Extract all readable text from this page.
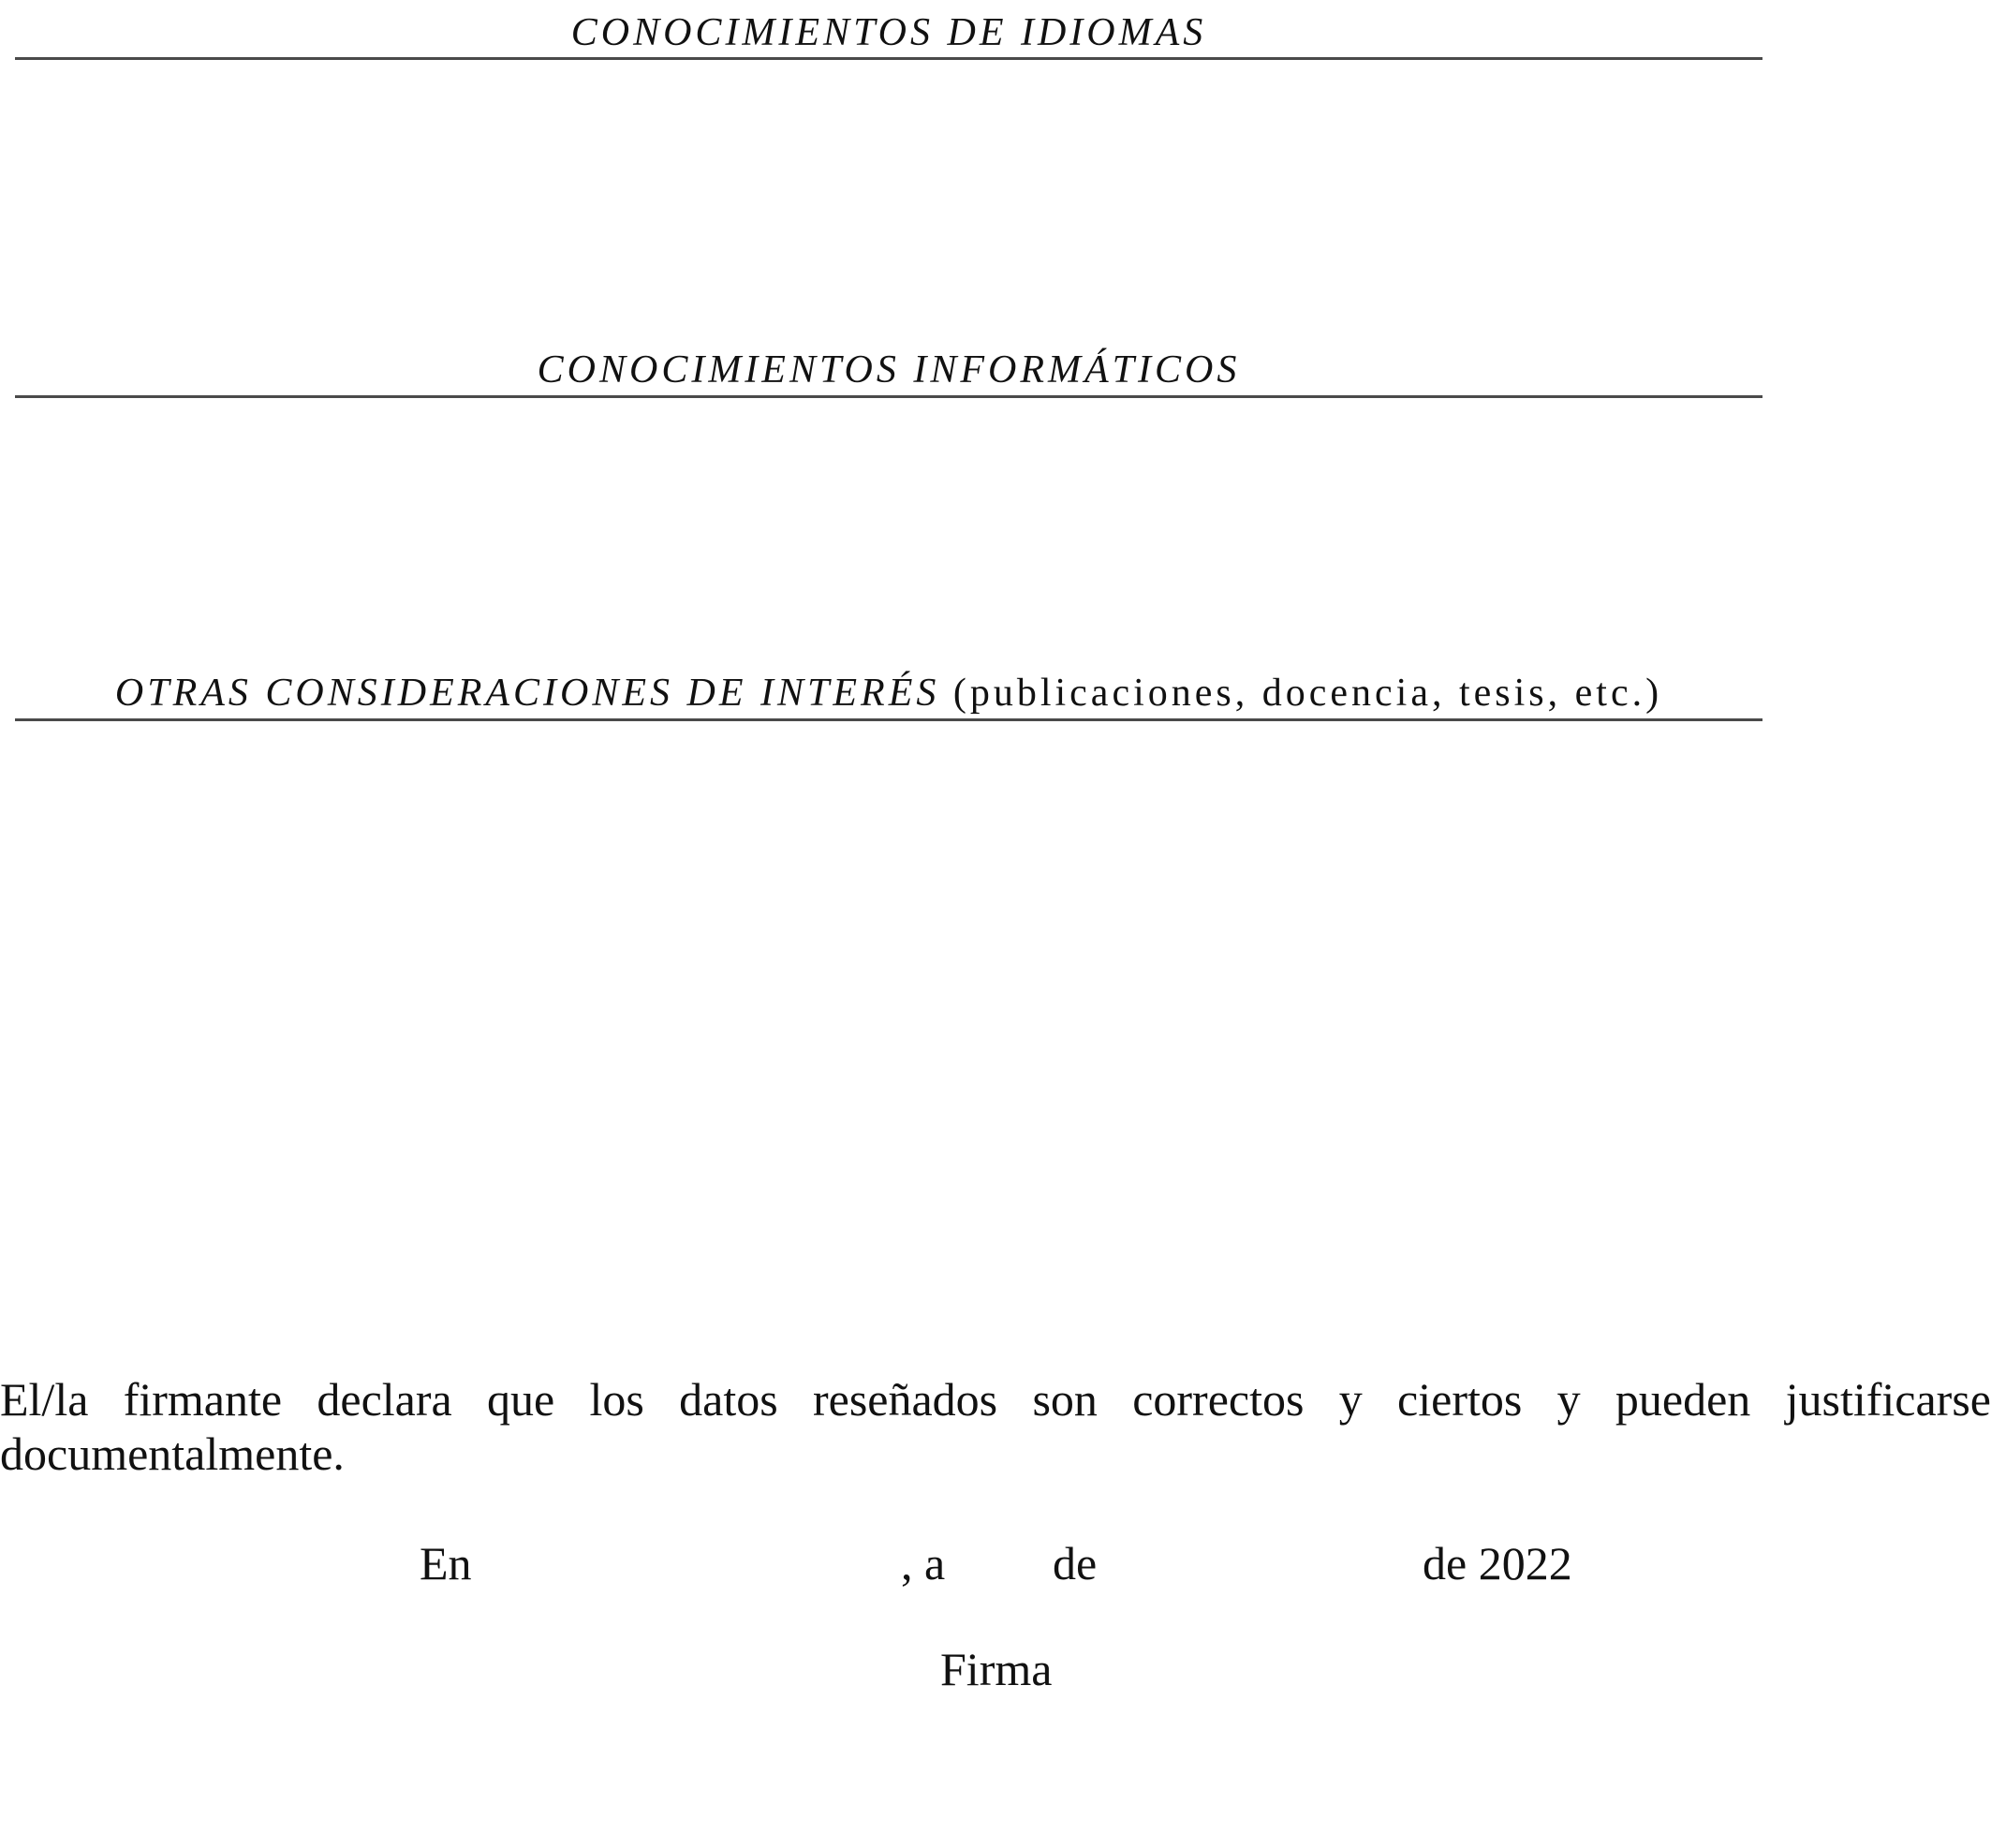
CONOCIMIENTOS DE IDIOMAS
CONOCIMIENTOS INFORMÁTICOS
OTRAS CONSIDERACIONES DE INTERÉS (publicaciones, docencia, tesis, etc.)
El/la firmante declara que los datos reseñados son correctos y ciertos y pueden justificarse
documentalmente.
En	, a de	de 2022
Firma
